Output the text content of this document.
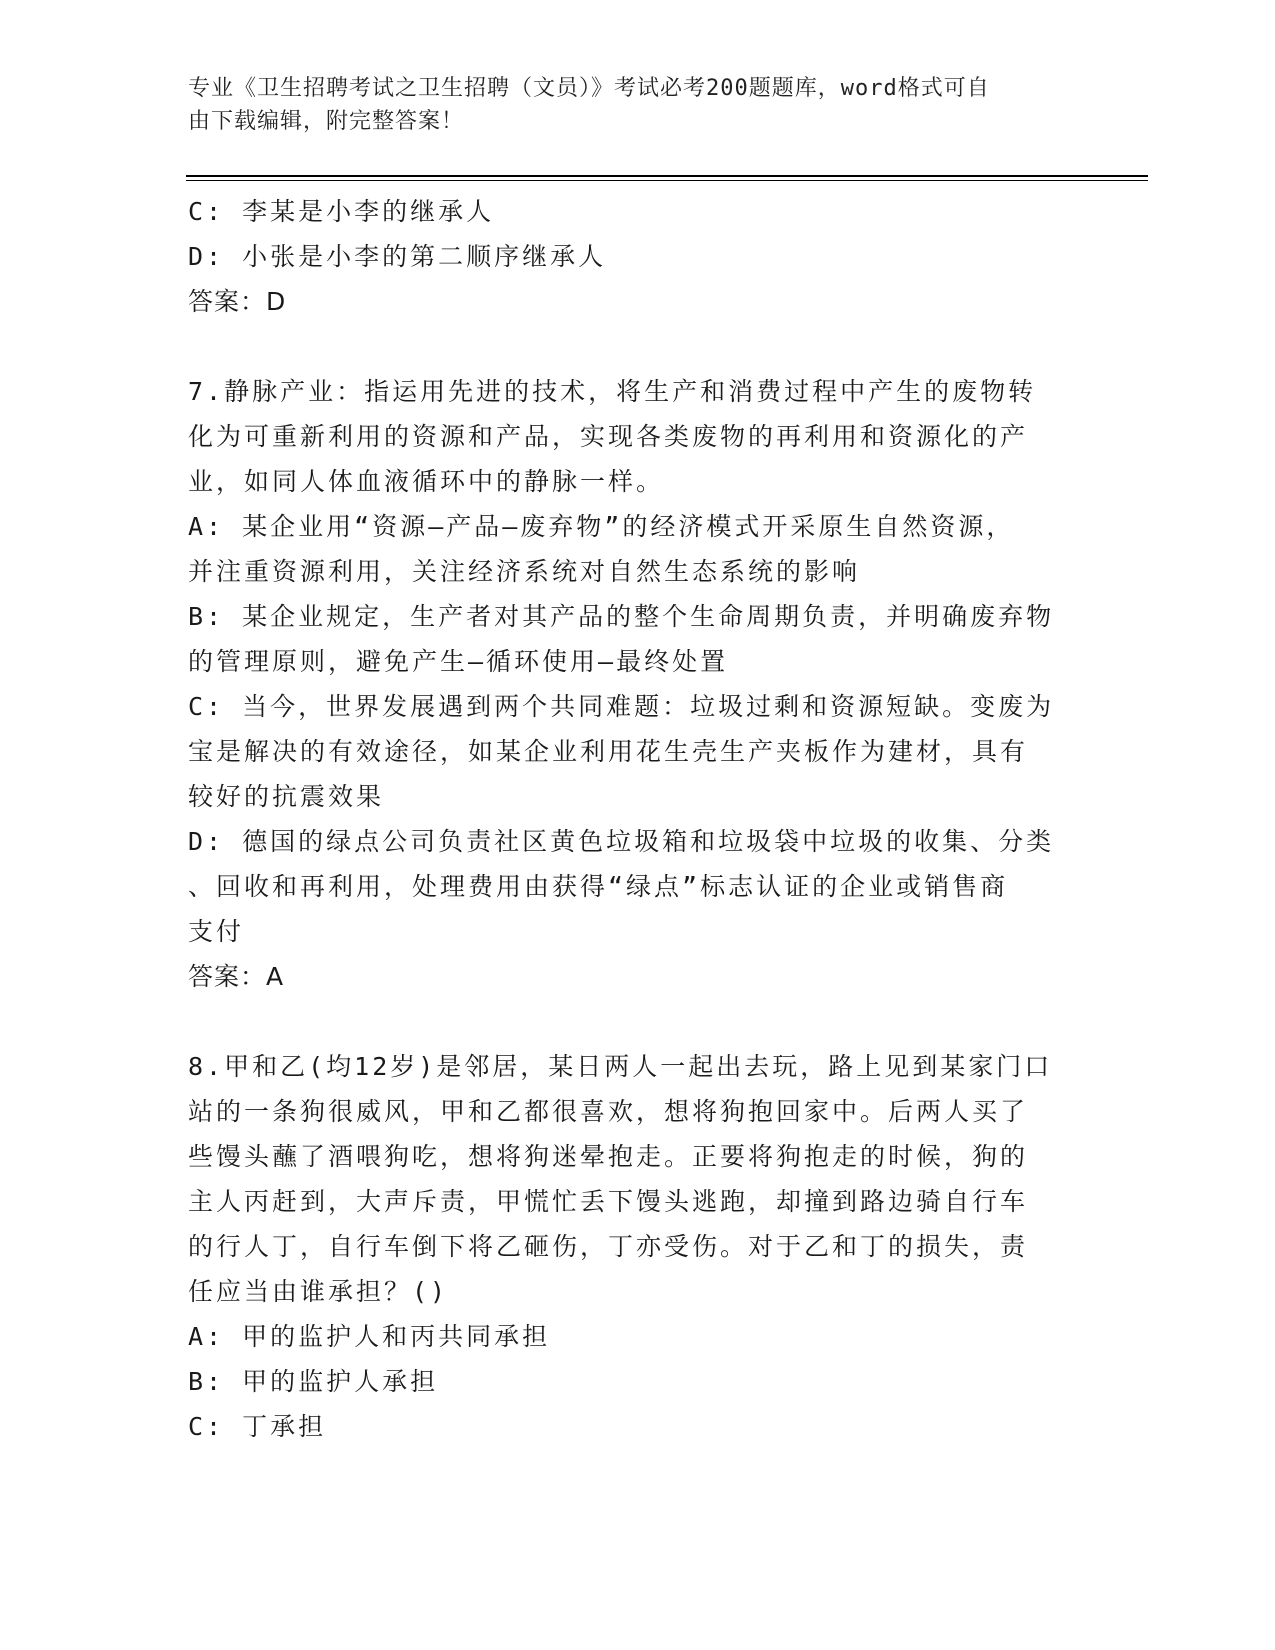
专业《卫生招聘考试之卫生招聘（文员）》考试必考200题题库，word格式可自
由下载编辑，附完整答案！
C: 李某是小李的继承人
D: 小张是小李的第二顺序继承人
答案：D
7.静脉产业：指运用先进的技术，将生产和消费过程中产生的废物转
化为可重新利用的资源和产品，实现各类废物的再利用和资源化的产
业，如同人体血液循环中的静脉一样。
A: 某企业用“资源—产品—废弃物”的经济模式开采原生自然资源，
并注重资源利用，关注经济系统对自然生态系统的影响
B: 某企业规定，生产者对其产品的整个生命周期负责，并明确废弃物
的管理原则，避免产生—循环使用—最终处置
C: 当今，世界发展遇到两个共同难题：垃圾过剩和资源短缺。变废为
宝是解决的有效途径，如某企业利用花生壳生产夹板作为建材，具有
较好的抗震效果
D: 德国的绿点公司负责社区黄色垃圾箱和垃圾袋中垃圾的收集、分类
、回收和再利用，处理费用由获得“绿点”标志认证的企业或销售商
支付
答案：A
8.甲和乙(均12岁)是邻居，某日两人一起出去玩，路上见到某家门口
站的一条狗很威风，甲和乙都很喜欢，想将狗抱回家中。后两人买了
些馒头蘸了酒喂狗吃，想将狗迷晕抱走。正要将狗抱走的时候，狗的
主人丙赶到，大声斥责，甲慌忙丢下馒头逃跑，却撞到路边骑自行车
的行人丁，自行车倒下将乙砸伤，丁亦受伤。对于乙和丁的损失，责
任应当由谁承担？()
A: 甲的监护人和丙共同承担
B: 甲的监护人承担
C: 丁承担
